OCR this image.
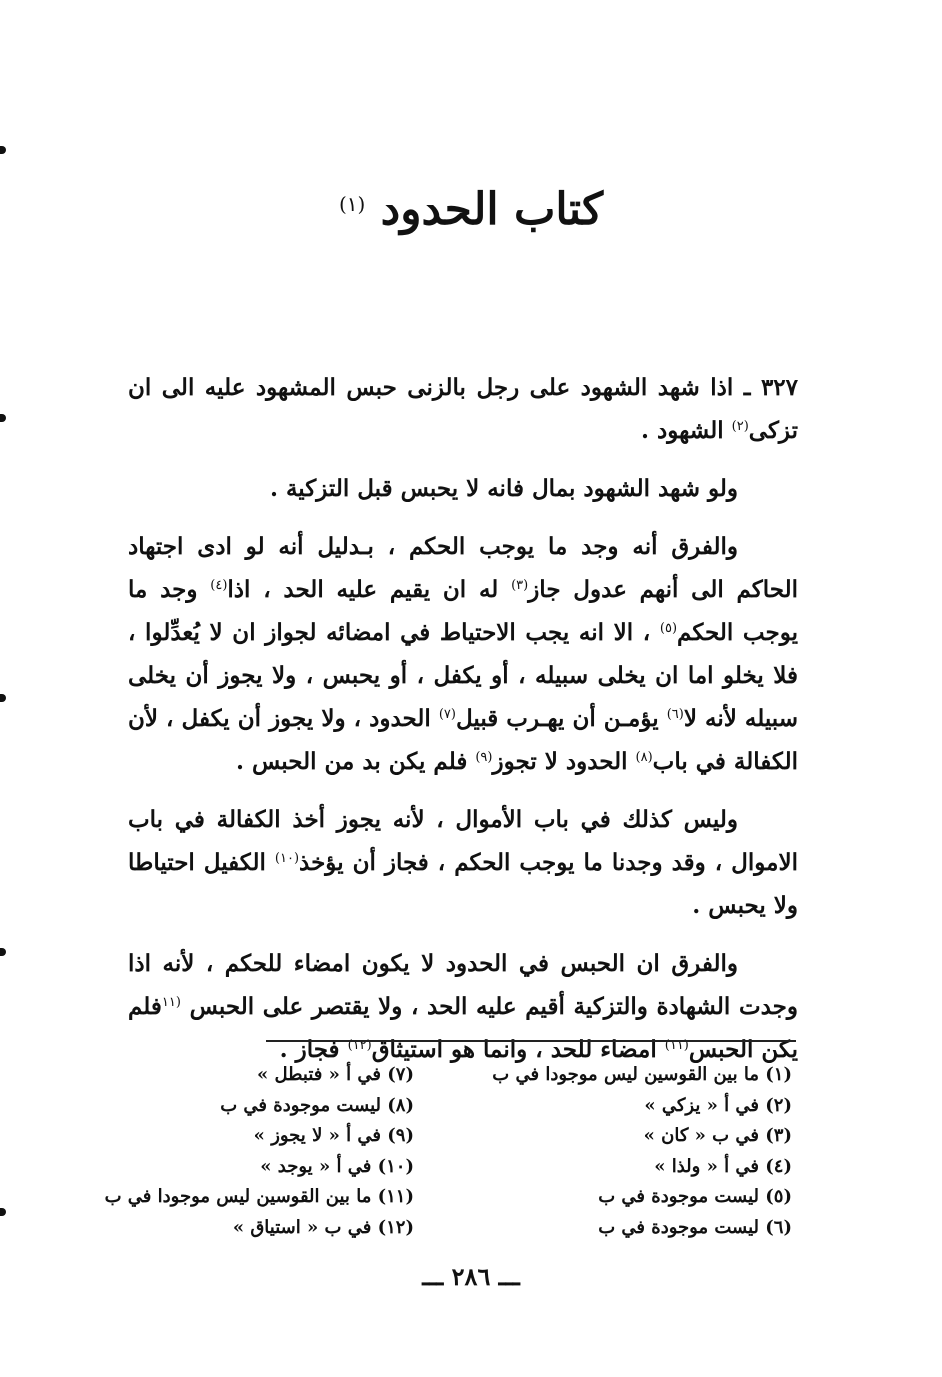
كتاب الحدود $^{(١)}$

٣٢٧ ـ اذا شهد الشهود على رجل بالزنى حبس المشهود عليه الى ان تزكى$^{(٢)}$ الشهود .

ولو شهد الشهود بمال فانه لا يحبس قبل التزكية .

والفرق أنه وجد ما يوجب الحكم ، بـدليل أنه لو ادى اجتهاد الحاكم الى أنهم عدول جاز$^{(٣)}$ له ان يقيم عليه الحد ، اذا$^{(٤)}$ وجد ما يوجب الحكم$^{(٥)}$ ، الا انه يجب الاحتياط في امضائه لجواز ان لا يُعدِّلوا ، فلا يخلو اما ان يخلى سبيله ، أو يكفل ، أو يحبس ، ولا يجوز أن يخلى سبيله لأنه لا$^{(٦)}$ يؤمـن أن يهـرب قبيل$^{(٧)}$ الحدود ، ولا يجوز أن يكفل ، لأن الكفالة في باب$^{(٨)}$ الحدود لا تجوز$^{(٩)}$ فلم يكن بد من الحبس .

وليس كذلك في باب الأموال ، لأنه يجوز أخذ الكفالة في باب الاموال ، وقد وجدنا ما يوجب الحكم ، فجاز أن يؤخذ$^{(١٠)}$ الكفيل احتياطا ولا يحبس .

والفرق ان الحبس في الحدود لا يكون امضاء للحكم ، لأنه اذا وجدت الشهادة والتزكية أقيم عليه الحد ، ولا يقتصر على الحبس $^{(١١}$فلم يكن الحبس$^{(١١)}$ امضاء للحد ، وانما هو استيثاق$^{(١٢)}$ فجاز .

(١) ما بين القوسين ليس موجودا في ب
(٢) في أ « يزكي »
(٣) في ب « كان »
(٤) في أ « ولذا »
(٥) ليست موجودة في ب
(٦) ليست موجودة في ب
(٧) في أ « فتبطل »
(٨) ليست موجودة في ب
(٩) في أ « لا يجوز »
(١٠) في أ « يوجد »
(١١) ما بين القوسين ليس موجودا في ب
(١٢) في ب « استياق »
ـــ ٢٨٦ ـــ
